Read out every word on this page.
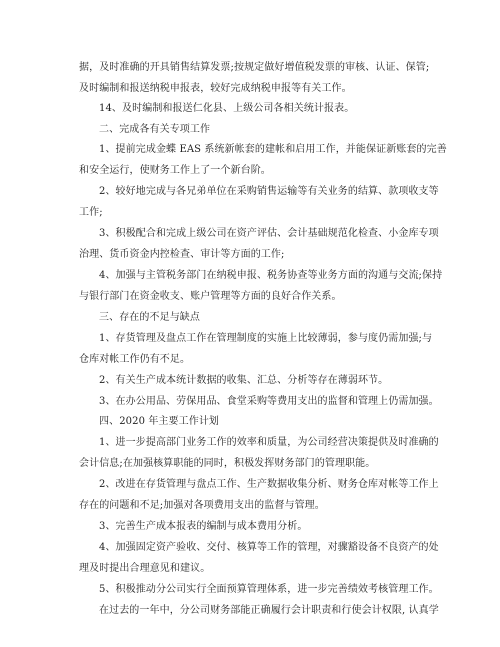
据，及时准确的开具销售结算发票;按规定做好增值税发票的审核、认证、保管;
及时编制和报送纳税申报表，较好完成纳税申报等有关工作。
14、及时编制和报送仁化县、上级公司各相关统计报表。
二、完成各有关专项工作
1、提前完成金蝶 EAS 系统新帐套的建帐和启用工作，并能保证新账套的完善
和安全运行，使财务工作上了一个新台阶。
2、较好地完成与各兄弟单位在采购销售运输等有关业务的结算、款项收支等
工作;
3、积极配合和完成上级公司在资产评估、会计基础规范化检查、小金库专项
治理、货币资金内控检查、审计等方面的工作;
4、加强与主管税务部门在纳税申报、税务协查等业务方面的沟通与交流;保持
与银行部门在资金收支、账户管理等方面的良好合作关系。
三、存在的不足与缺点
1、存货管理及盘点工作在管理制度的实施上比较薄弱，参与度仍需加强;与
仓库对帐工作仍有不足。
2、有关生产成本统计数据的收集、汇总、分析等存在薄弱环节。
3、在办公用品、劳保用品、食堂采购等费用支出的监督和管理上仍需加强。
四、2020 年主要工作计划
1、进一步提高部门业务工作的效率和质量，为公司经营决策提供及时准确的
会计信息;在加强核算职能的同时，积极发挥财务部门的管理职能。
2、改进在存货管理与盘点工作、生产数据收集分析、财务仓库对帐等工作上
存在的问题和不足;加强对各项费用支出的监督与管理。
3、完善生产成本报表的编制与成本费用分析。
4、加强固定资产验收、交付、核算等工作的管理，对骤豁设备不良资产的处
理及时提出合理意见和建议。
5、积极推动分公司实行全面预算管理体系，进一步完善绩效考核管理工作。
在过去的一年中，分公司财务部能正确履行会计职责和行使会计权限, 认真学
